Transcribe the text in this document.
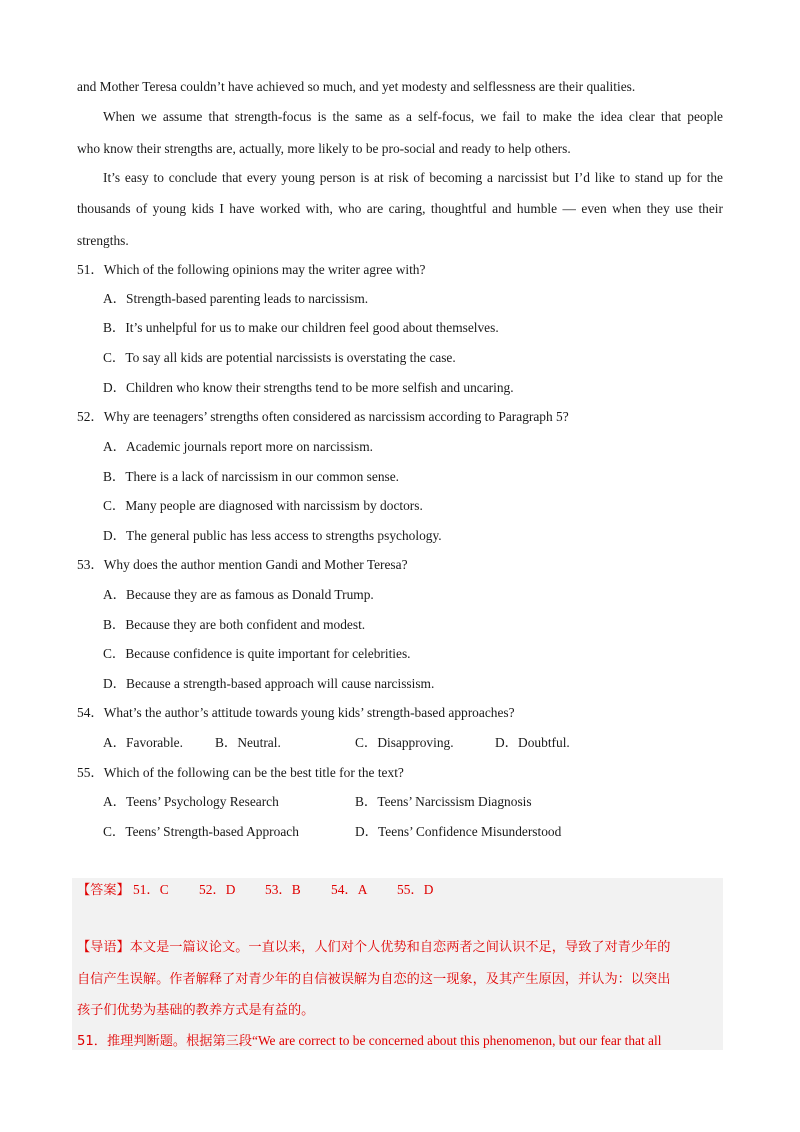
and Mother Teresa couldn’t have achieved so much, and yet modesty and selflessness are their qualities.
When we assume that strength-focus is the same as a self-focus, we fail to make the idea clear that people
who know their strengths are, actually, more likely to be pro-social and ready to help others.
It’s easy to conclude that every young person is at risk of becoming a narcissist but I’d like to stand up for the
thousands of young kids I have worked with, who are caring, thoughtful and humble — even when they use their
strengths.
51．Which of the following opinions may the writer agree with?
A．Strength-based parenting leads to narcissism.
B．It’s unhelpful for us to make our children feel good about themselves.
C．To say all kids are potential narcissists is overstating the case.
D．Children who know their strengths tend to be more selfish and uncaring.
52．Why are teenagers’ strengths often considered as narcissism according to Paragraph 5?
A．Academic journals report more on narcissism.
B．There is a lack of narcissism in our common sense.
C．Many people are diagnosed with narcissism by doctors.
D．The general public has less access to strengths psychology.
53．Why does the author mention Gandi and Mother Teresa?
A．Because they are as famous as Donald Trump.
B．Because they are both confident and modest.
C．Because confidence is quite important for celebrities.
D．Because a strength-based approach will cause narcissism.
54．What’s the author’s attitude towards young kids’ strength-based approaches?
A．Favorable. B．Neutral.	C．Disapproving.	D．Doubtful.
55．Which of the following can be the best title for the text?
A．Teens’ Psychology Research	B．Teens’ Narcissism Diagnosis
C．Teens’ Strength-based Approach	D．Teens’ Confidence Misunderstood
【答案】 51．C 52．D 53．B 54．A 55．D
【导语】本文是一篇议论文。一直以来，人们对个人优势和自恋两者之间认识不足，导致了对青少年的
自信产生误解。作者解释了对青少年的自信被误解为自恋的这一现象，及其产生原因，并认为：以突出
孩子们优势为基础的教养方式是有益的。
51．推理判断题。根据第三段“We are correct to be concerned about this phenomenon, but our fear that all
